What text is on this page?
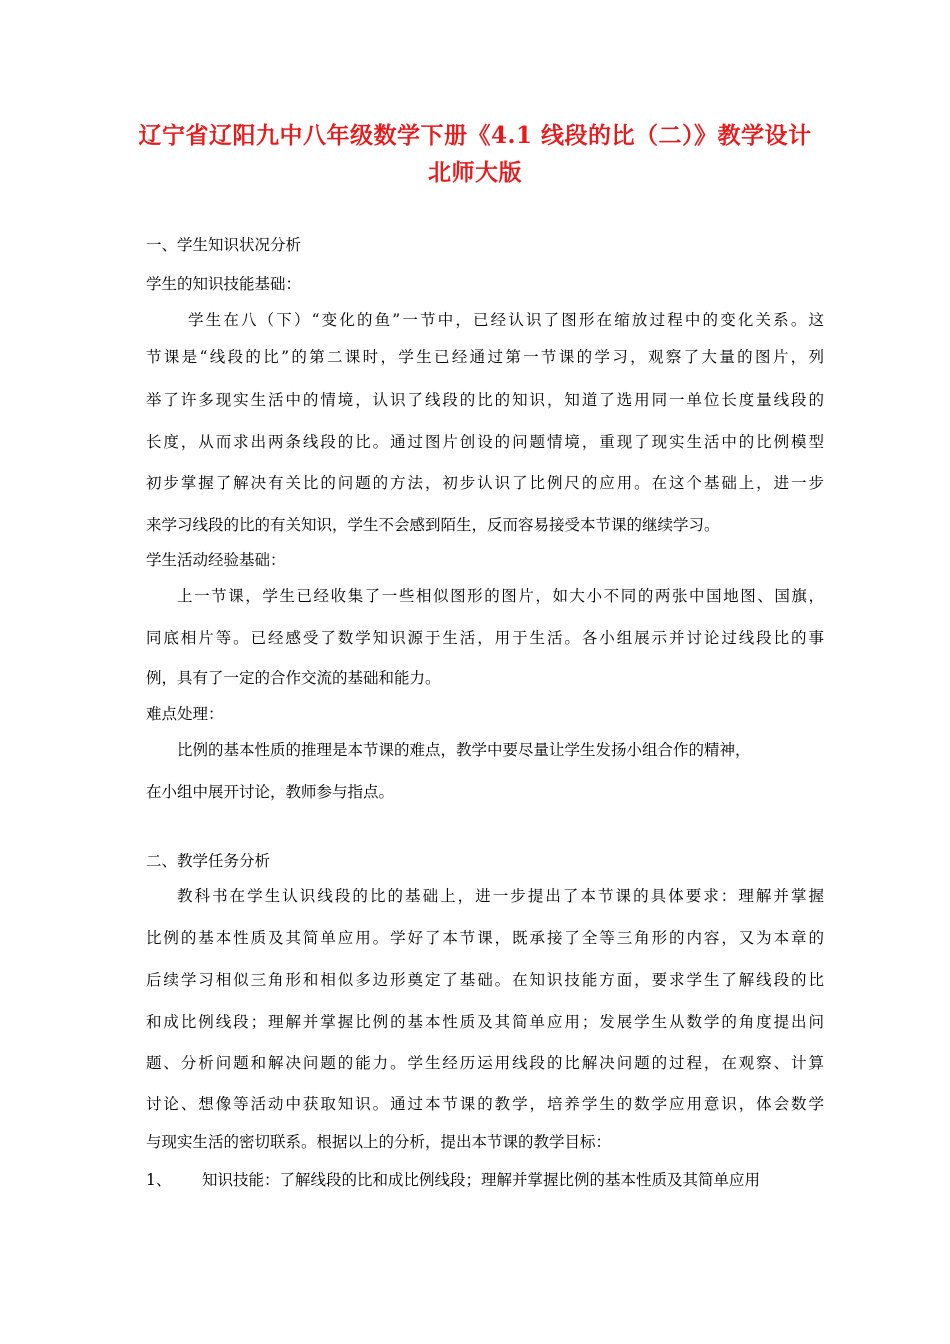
辽宁省辽阳九中八年级数学下册《4.1 线段的比（二）》教学设计
北师大版
一、学生知识状况分析
学生的知识技能基础：
学生在八（下）“变化的鱼”一节中，已经认识了图形在缩放过程中的变化关系。这
节课是“线段的比”的第二课时，学生已经通过第一节课的学习，观察了大量的图片，列
举了许多现实生活中的情境，认识了线段的比的知识，知道了选用同一单位长度量线段的
长度，从而求出两条线段的比。通过图片创设的问题情境，重现了现实生活中的比例模型
初步掌握了解决有关比的问题的方法，初步认识了比例尺的应用。在这个基础上，进一步
来学习线段的比的有关知识，学生不会感到陌生，反而容易接受本节课的继续学习。
学生活动经验基础：
上一节课，学生已经收集了一些相似图形的图片，如大小不同的两张中国地图、国旗，
同底相片等。已经感受了数学知识源于生活，用于生活。各小组展示并讨论过线段比的事
例，具有了一定的合作交流的基础和能力。
难点处理：
比例的基本性质的推理是本节课的难点，教学中要尽量让学生发扬小组合作的精神，
在小组中展开讨论，教师参与指点。
二、教学任务分析
教科书在学生认识线段的比的基础上，进一步提出了本节课的具体要求：理解并掌握
比例的基本性质及其简单应用。学好了本节课，既承接了全等三角形的内容，又为本章的
后续学习相似三角形和相似多边形奠定了基础。在知识技能方面，要求学生了解线段的比
和成比例线段；理解并掌握比例的基本性质及其简单应用；发展学生从数学的角度提出问
题、分析问题和解决问题的能力。学生经历运用线段的比解决问题的过程，在观察、计算
讨论、想像等活动中获取知识。通过本节课的教学，培养学生的数学应用意识，体会数学
与现实生活的密切联系。根据以上的分析，提出本节课的教学目标：
1、 知识技能：了解线段的比和成比例线段；理解并掌握比例的基本性质及其简单应用
